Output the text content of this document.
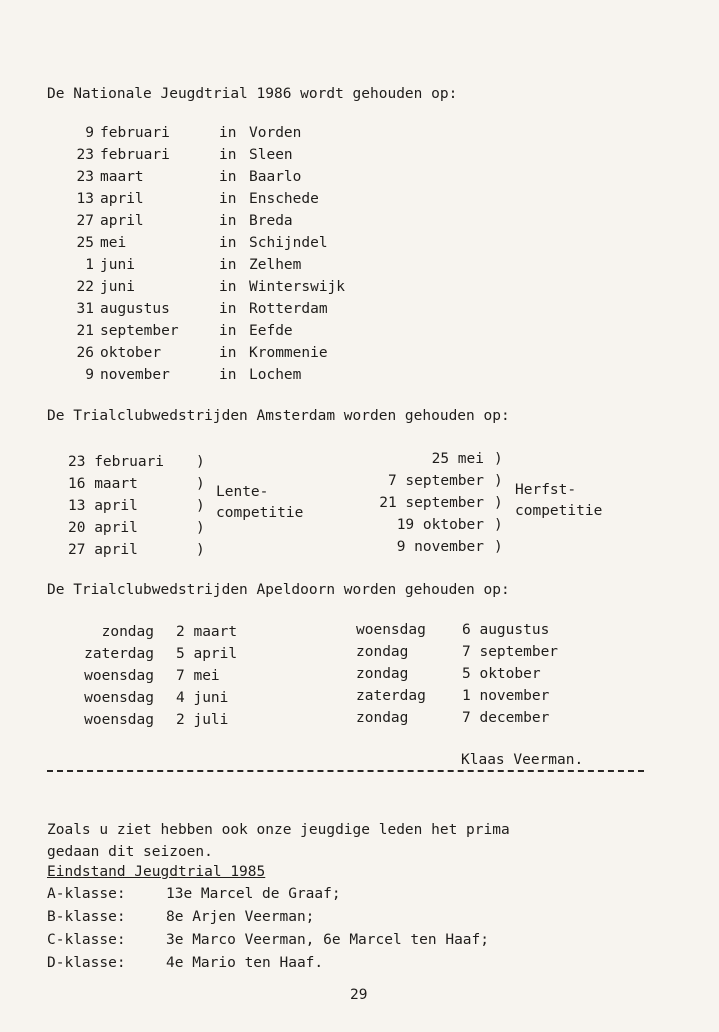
De Nationale Jeugdtrial 1986 wordt gehouden op:
9 februari	in Vorden
23 februari	in Sleen
23 maart	in Baarlo
13 april	in Enschede
27 april	in Breda
25 mei	in Schijndel
1 juni	in Zelhem
22 juni	in Winterswijk
31 augustus	in Rotterdam
21 september	in Eefde
26 oktober	in Krommenie
9 november	in Lochem
De Trialclubwedstrijden Amsterdam worden gehouden op:
23 februari )
16 maart	)
13 april	)
20 april	)
27 april	)
25 mei )
7 september )
21 september )
19 oktober )
9 november )
Lente-
competitie
Herfst-
competitie
De Trialclubwedstrijden Apeldoorn worden gehouden op:
zondag 2 maart
zaterdag 5 april
woensdag 7 mei
woensdag 4 juni
woensdag 2 juli
woensdag 6 augustus
zondag	7 september
zondag	5 oktober
zaterdag 1 november
zondag	7 december
Klaas Veerman.
Zoals u ziet hebben ook onze jeugdige leden het prima
gedaan dit seizoen.
Eindstand Jeugdtrial 1985
A-klasse:	13e Marcel de Graaf;
B-klasse:	8e Arjen Veerman;
C-klasse:	3e Marco Veerman, 6e Marcel ten Haaf;
D-klasse:	4e Mario ten Haaf.
29
